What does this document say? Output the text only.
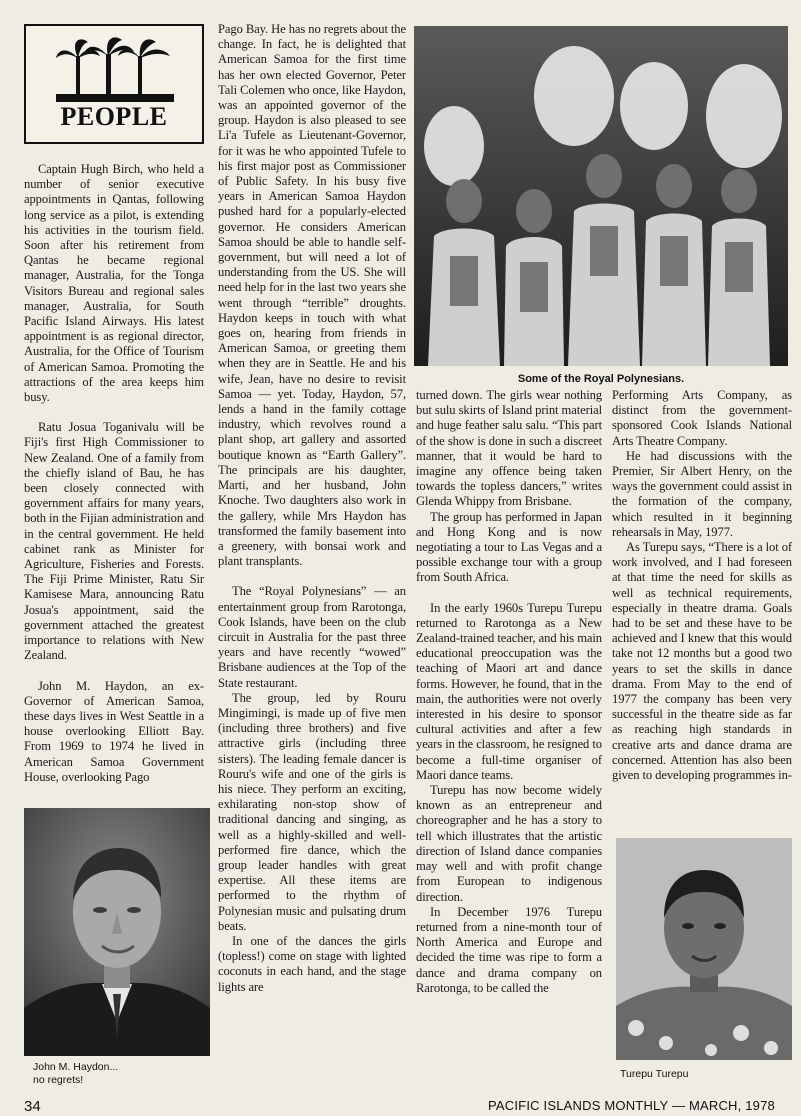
PEOPLE

Captain Hugh Birch, who held a number of senior executive appointments in Qantas, following long service as a pilot, is extending his activities in the tourism field. Soon after his retirement from Qantas he became regional manager, Australia, for the Tonga Visitors Bureau and regional sales manager, Australia, for South Pacific Island Airways. His latest appointment is as regional director, Australia, for the Office of Tourism of American Samoa. Promoting the attractions of the area keeps him busy.

Ratu Josua Toganivalu will be Fiji's first High Commissioner to New Zealand. One of a family from the chiefly island of Bau, he has been closely connected with government affairs for many years, both in the Fijian administration and in the central government. He held cabinet rank as Minister for Agriculture, Fisheries and Forests. The Fiji Prime Minister, Ratu Sir Kamisese Mara, announcing Ratu Josua's appointment, said the government attached the greatest importance to relations with New Zealand.

John M. Haydon, an ex-Governor of American Samoa, these days lives in West Seattle in a house overlooking Elliott Bay. From 1969 to 1974 he lived in American Samoa Government House, overlooking Pago

John M. Haydon...
no regrets!

Pago Bay. He has no regrets about the change. In fact, he is delighted that American Samoa for the first time has her own elected Governor, Peter Tali Colemen who once, like Haydon, was an appointed governor of the group. Haydon is also pleased to see Li'a Tufele as Lieutenant-Governor, for it was he who appointed Tufele to his first major post as Commissioner of Public Safety. In his busy five years in American Samoa Haydon pushed hard for a popularly-elected governor. He considers American Samoa should be able to handle self-government, but will need a lot of understanding from the US. She will need help for in the last two years she went through “terrible” droughts. Haydon keeps in touch with what goes on, hearing from friends in American Samoa, or greeting them when they are in Seattle. He and his wife, Jean, have no desire to revisit Samoa — yet. Today, Haydon, 57, lends a hand in the family cottage industry, which revolves round a plant shop, art gallery and assorted boutique known as “Earth Gallery”. The principals are his daughter, Marti, and her husband, John Knoche. Two daughters also work in the gallery, while Mrs Haydon has transformed the family basement into a greenery, with bonsai work and plant transplants.

The “Royal Polynesians” — an entertainment group from Rarotonga, Cook Islands, have been on the club circuit in Australia for the past three years and have recently “wowed” Brisbane audiences at the Top of the State restaurant.

The group, led by Rouru Mingimingi, is made up of five men (including three brothers) and five attractive girls (including three sisters). The leading female dancer is Rouru's wife and one of the girls is his niece. They perform an exciting, exhilarating non-stop show of traditional dancing and singing, as well as a highly-skilled and well-performed fire dance, which the group leader handles with great expertise. All these items are performed to the rhythm of Polynesian music and pulsating drum beats.

In one of the dances the girls (topless!) come on stage with lighted coconuts in each hand, and the stage lights are

Some of the Royal Polynesians.

turned down. The girls wear nothing but sulu skirts of Island print material and huge feather salu salu. “This part of the show is done in such a discreet manner, that it would be hard to imagine any offence being taken towards the topless dancers,” writes Glenda Whippy from Brisbane.

The group has performed in Japan and Hong Kong and is now negotiating a tour to Las Vegas and a possible exchange tour with a group from South Africa.

In the early 1960s Turepu Turepu returned to Rarotonga as a New Zealand-trained teacher, and his main educational preoccupation was the teaching of Maori art and dance forms. However, he found, that in the main, the authorities were not overly interested in his desire to sponsor cultural activities and after a few years in the classroom, he resigned to become a full-time organiser of Maori dance teams.

Turepu has now become widely known as an entrepreneur and choreographer and he has a story to tell which illustrates that the artistic direction of Island dance companies may well and with profit change from European to indigenous direction.

In December 1976 Turepu returned from a nine-month tour of North America and Europe and decided the time was ripe to form a dance and drama company on Rarotonga, to be called the

Performing Arts Company, as distinct from the government-sponsored Cook Islands National Arts Theatre Company.

He had discussions with the Premier, Sir Albert Henry, on the ways the government could assist in the formation of the company, which resulted in it beginning rehearsals in May, 1977.

As Turepu says, “There is a lot of work involved, and I had foreseen at that time the need for skills as well as technical requirements, especially in theatre drama. Goals had to be set and these have to be achieved and I knew that this would take not 12 months but a good two years to set the skills in dance drama. From May to the end of 1977 the company has been very successful in the theatre side as far as reaching high standards in creative arts and dance drama are concerned. Attention has also been given to developing programmes in-

Turepu Turepu
34	PACIFIC ISLANDS MONTHLY — MARCH, 1978
